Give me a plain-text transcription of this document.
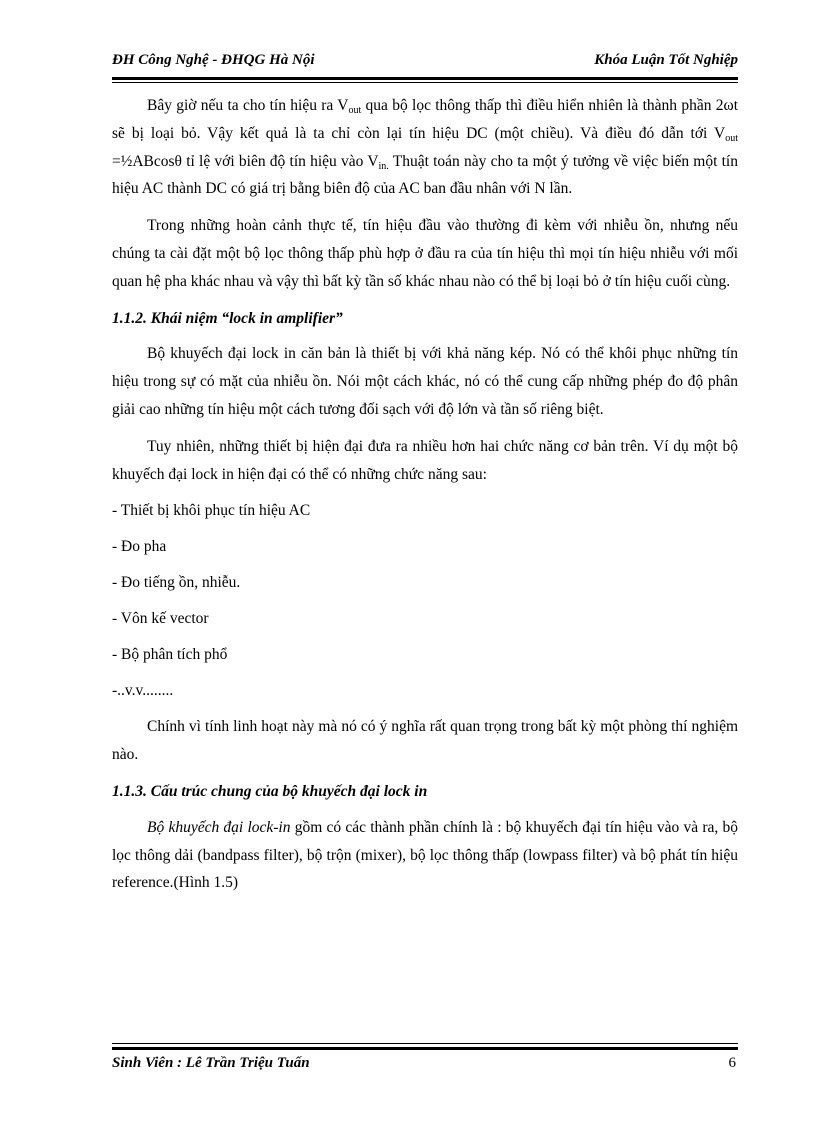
ĐH Công Nghệ - ĐHQG Hà Nội	Khóa Luận Tốt Nghiệp

Bây giờ nếu ta cho tín hiệu ra $V_{out}$ qua bộ lọc thông thấp thì điều hiển nhiên là thành phần 2ωt sẽ bị loại bỏ. Vậy kết quả là ta chỉ còn lại tín hiệu DC (một chiều). Và điều đó dẫn tới $V_{out}$ =½ABcosθ tỉ lệ với biên độ tín hiệu vào $V_{in.}$ Thuật toán này cho ta một ý tưởng về việc biến một tín hiệu AC thành DC có giá trị bằng biên độ của AC ban đầu nhân với N lần.

Trong những hoàn cảnh thực tế, tín hiệu đầu vào thường đi kèm với nhiễu ồn, nhưng nếu chúng ta cài đặt một bộ lọc thông thấp phù hợp ở đầu ra của tín hiệu thì mọi tín hiệu nhiễu với mối quan hệ pha khác nhau và vậy thì bất kỳ tần số khác nhau nào có thể bị loại bỏ ở tín hiệu cuối cùng.

1.1.2. Khái niệm “lock in amplifier”

Bộ khuyếch đại lock in căn bản là thiết bị với khả năng kép. Nó có thể khôi phục những tín hiệu trong sự có mặt của nhiễu ồn. Nói một cách khác, nó có thể cung cấp những phép đo độ phân giải cao những tín hiệu một cách tương đối sạch với độ lớn và tần số riêng biệt.

Tuy nhiên, những thiết bị hiện đại đưa ra nhiều hơn hai chức năng cơ bản trên. Ví dụ một bộ khuyếch đại lock in hiện đại có thể có những chức năng sau:

- Thiết bị khôi phục tín hiệu AC
- Đo pha
- Đo tiếng ồn, nhiễu.
- Vôn kế vector
- Bộ phân tích phổ
-..v.v........

Chính vì tính linh hoạt này mà nó có ý nghĩa rất quan trọng trong bất kỳ một phòng thí nghiệm nào.

1.1.3. Cấu trúc chung của bộ khuyếch đại lock in

Bộ khuyếch đại lock-in gồm có các thành phần chính là : bộ khuyếch đại tín hiệu vào và ra, bộ lọc thông dải (bandpass filter), bộ trộn (mixer), bộ lọc thông thấp (lowpass filter) và bộ phát tín hiệu reference.(Hình 1.5)

Sinh Viên : Lê Trần Triệu Tuấn	6
